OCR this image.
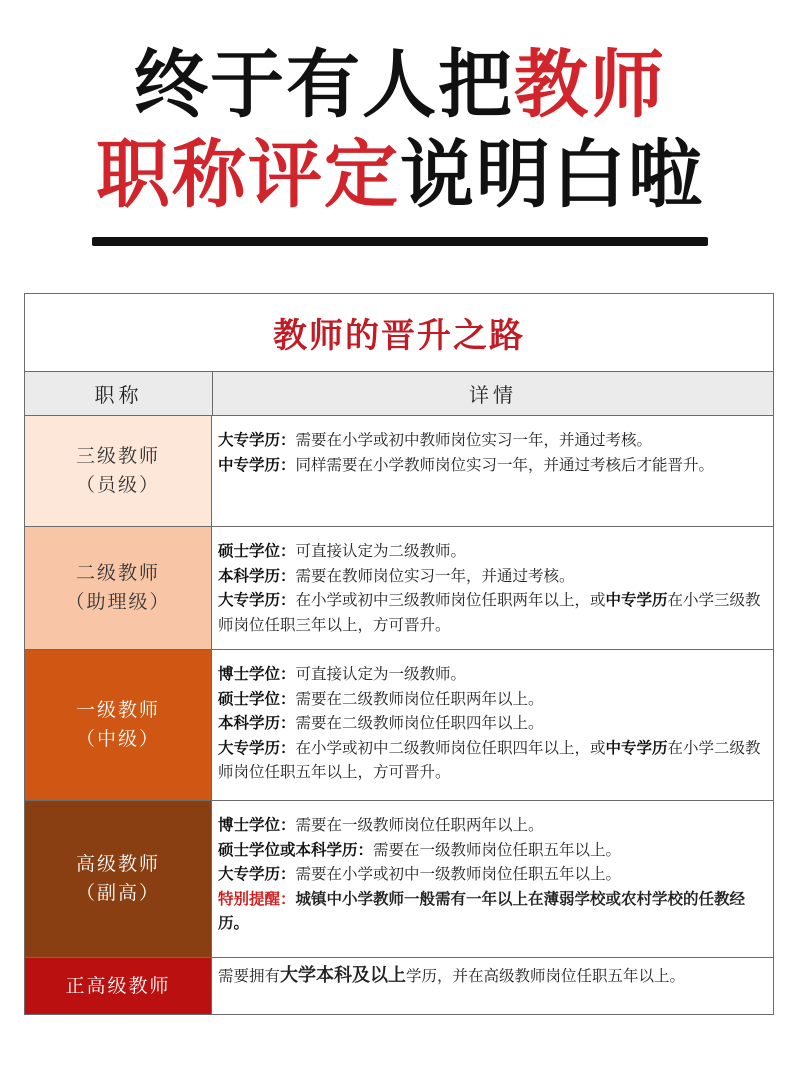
终于有人把教师
职称评定说明白啦
教师的晋升之路
职称	详情
三级教师
（员级）

大专学历：需要在小学或初中教师岗位实习一年，并通过考核。

中专学历：同样需要在小学教师岗位实习一年，并通过考核后才能晋升。

二级教师
（助理级）

硕士学位：可直接认定为二级教师。

本科学历：需要在教师岗位实习一年，并通过考核。

大专学历：在小学或初中三级教师岗位任职两年以上，或中专学历在小学三级教师岗位任职三年以上，方可晋升。

一级教师
（中级）

博士学位：可直接认定为一级教师。

硕士学位：需要在二级教师岗位任职两年以上。

本科学历：需要在二级教师岗位任职四年以上。

大专学历：在小学或初中二级教师岗位任职四年以上，或中专学历在小学二级教师岗位任职五年以上，方可晋升。

高级教师
（副高）

博士学位：需要在一级教师岗位任职两年以上。

硕士学位或本科学历：需要在一级教师岗位任职五年以上。

大专学历：需要在小学或初中一级教师岗位任职五年以上。

特别提醒：城镇中小学教师一般需有一年以上在薄弱学校或农村学校的任教经历。

正高级教师	需要拥有大学本科及以上学历，并在高级教师岗位任职五年以上。
